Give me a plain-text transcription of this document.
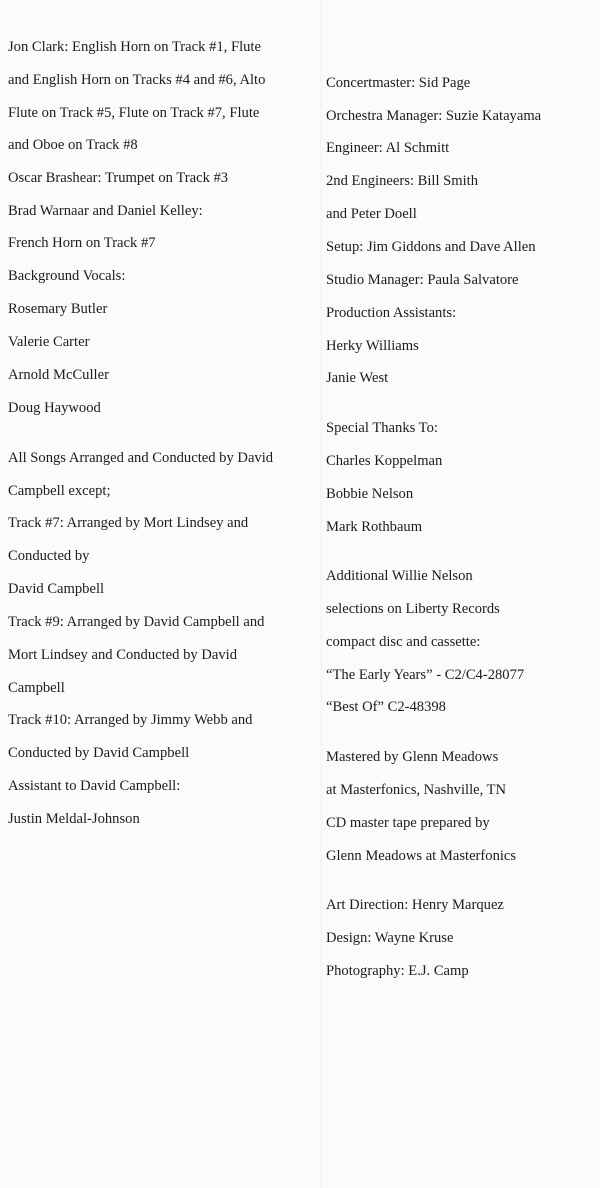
Jon Clark: English Horn on Track #1, Flute
and English Horn on Tracks #4 and #6, Alto
Flute on Track #5, Flute on Track #7, Flute
and Oboe on Track #8
Oscar Brashear: Trumpet on Track #3
Brad Warnaar and Daniel Kelley:
French Horn on Track #7
Background Vocals:
Rosemary Butler
Valerie Carter
Arnold McCuller
Doug Haywood
All Songs Arranged and Conducted by David
Campbell except;
Track #7: Arranged by Mort Lindsey and
Conducted by
David Campbell
Track #9: Arranged by David Campbell and
Mort Lindsey and Conducted by David
Campbell
Track #10: Arranged by Jimmy Webb and
Conducted by David Campbell
Assistant to David Campbell:
Justin Meldal-Johnson
Concertmaster: Sid Page
Orchestra Manager: Suzie Katayama
Engineer: Al Schmitt
2nd Engineers: Bill Smith
and Peter Doell
Setup: Jim Giddons and Dave Allen
Studio Manager: Paula Salvatore
Production Assistants:
Herky Williams
Janie West
Special Thanks To:
Charles Koppelman
Bobbie Nelson
Mark Rothbaum
Additional Willie Nelson
selections on Liberty Records
compact disc and cassette:
“The Early Years” - C2/C4-28077
“Best Of” C2-48398
Mastered by Glenn Meadows
at Masterfonics, Nashville, TN
CD master tape prepared by
Glenn Meadows at Masterfonics
Art Direction: Henry Marquez
Design: Wayne Kruse
Photography: E.J. Camp
